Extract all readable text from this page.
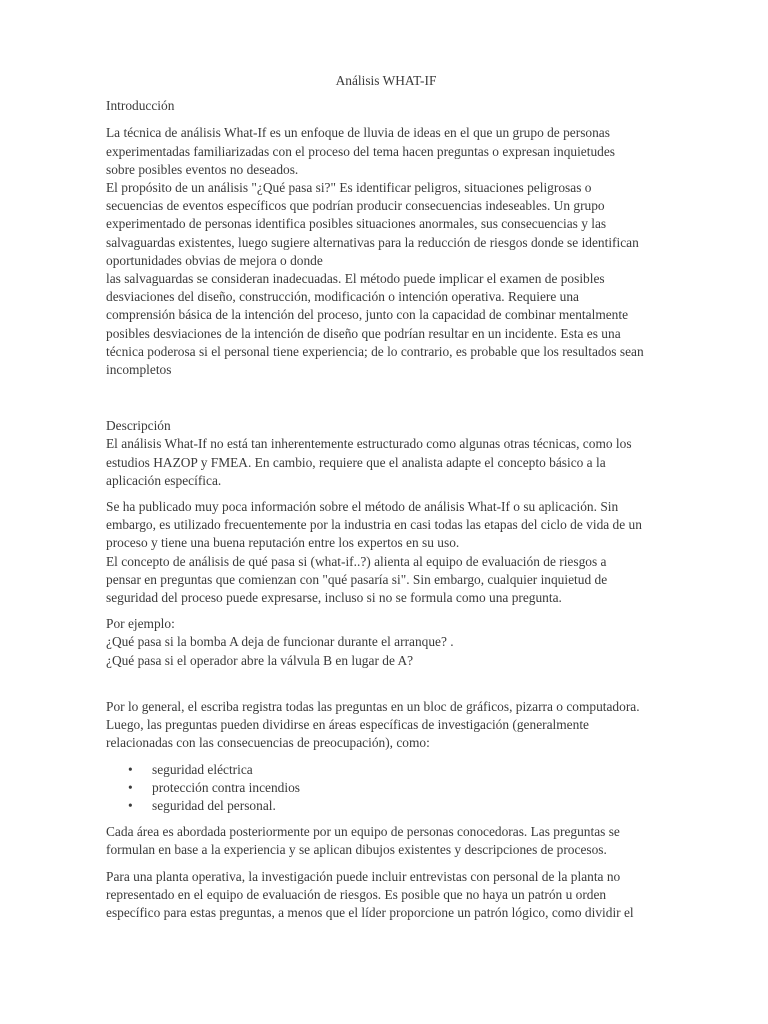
Análisis WHAT-IF
Introducción

La técnica de análisis What-If es un enfoque de lluvia de ideas en el que un grupo de personas

experimentadas familiarizadas con el proceso del tema hacen preguntas o expresan inquietudes

sobre posibles eventos no deseados.

El propósito de un análisis "¿Qué pasa si?" Es identificar peligros, situaciones peligrosas o

secuencias de eventos específicos que podrían producir consecuencias indeseables. Un grupo

experimentado de personas identifica posibles situaciones anormales, sus consecuencias y las

salvaguardas existentes, luego sugiere alternativas para la reducción de riesgos donde se identifican

oportunidades obvias de mejora o donde

las salvaguardas se consideran inadecuadas. El método puede implicar el examen de posibles

desviaciones del diseño, construcción, modificación o intención operativa. Requiere una

comprensión básica de la intención del proceso, junto con la capacidad de combinar mentalmente

posibles desviaciones de la intención de diseño que podrían resultar en un incidente. Esta es una

técnica poderosa si el personal tiene experiencia; de lo contrario, es probable que los resultados sean

incompletos

Descripción

El análisis What-If no está tan inherentemente estructurado como algunas otras técnicas, como los

estudios HAZOP y FMEA. En cambio, requiere que el analista adapte el concepto básico a la

aplicación específica.

Se ha publicado muy poca información sobre el método de análisis What-If o su aplicación. Sin

embargo, es utilizado frecuentemente por la industria en casi todas las etapas del ciclo de vida de un

proceso y tiene una buena reputación entre los expertos en su uso.

El concepto de análisis de qué pasa si (what-if..?) alienta al equipo de evaluación de riesgos a

pensar en preguntas que comienzan con "qué pasaría si". Sin embargo, cualquier inquietud de

seguridad del proceso puede expresarse, incluso si no se formula como una pregunta.

Por ejemplo:

¿Qué pasa si la bomba A deja de funcionar durante el arranque? .

¿Qué pasa si el operador abre la válvula B en lugar de A?

Por lo general, el escriba registra todas las preguntas en un bloc de gráficos, pizarra o computadora.

Luego, las preguntas pueden dividirse en áreas específicas de investigación (generalmente

relacionadas con las consecuencias de preocupación), como:

• seguridad eléctrica
• protección contra incendios
• seguridad del personal.

Cada área es abordada posteriormente por un equipo de personas conocedoras. Las preguntas se

formulan en base a la experiencia y se aplican dibujos existentes y descripciones de procesos.

Para una planta operativa, la investigación puede incluir entrevistas con personal de la planta no

representado en el equipo de evaluación de riesgos. Es posible que no haya un patrón u orden

específico para estas preguntas, a menos que el líder proporcione un patrón lógico, como dividir el
